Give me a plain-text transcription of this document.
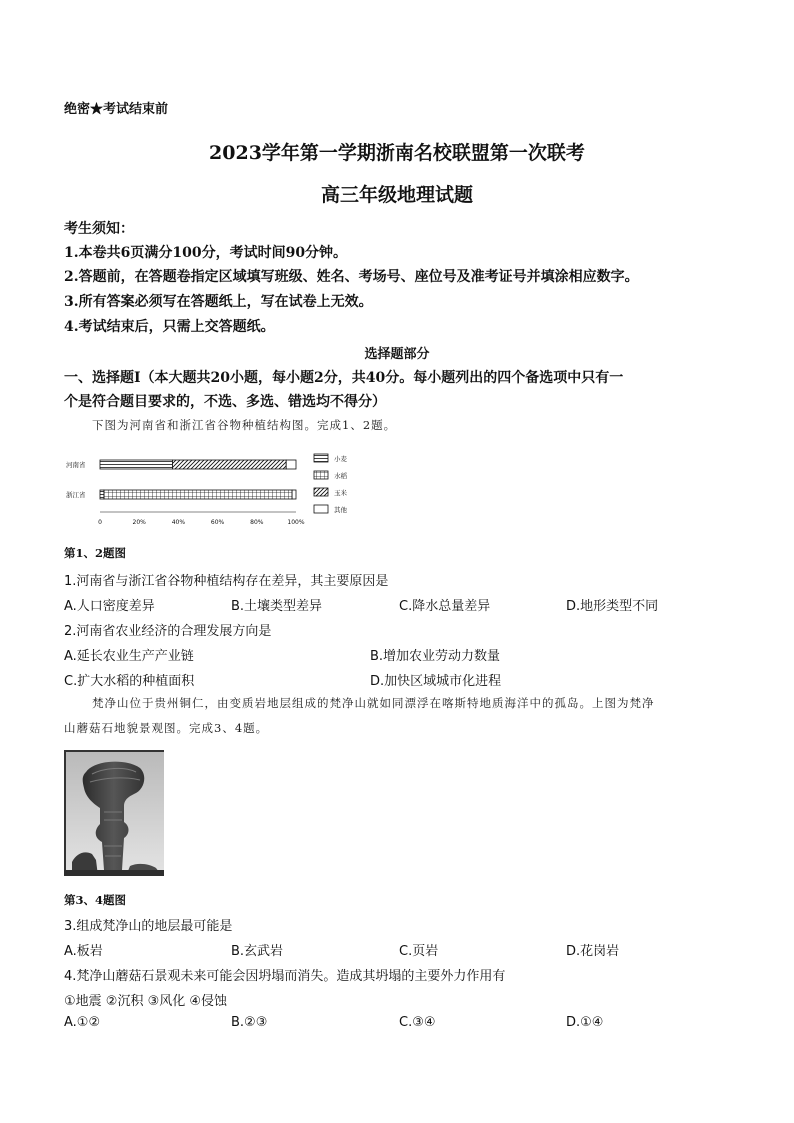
绝密★考试结束前
2023学年第一学期浙南名校联盟第一次联考
高三年级地理试题
考生须知：
1.本卷共6页满分100分，考试时间90分钟。
2.答题前，在答题卷指定区域填写班级、姓名、考场号、座位号及准考证号并填涂相应数字。
3.所有答案必须写在答题纸上，写在试卷上无效。
4.考试结束后，只需上交答题纸。
选择题部分
一、选择题Ⅰ（本大题共20小题，每小题2分，共40分。每小题列出的四个备选项中只有一
个是符合题目要求的，不选、多选、错选均不得分）
下图为河南省和浙江省谷物种植结构图。完成1、2题。
河南省
浙江省
0	20%	40%	60%	80%	100%
小麦
水稻
玉米
其他
第1、2题图
1.河南省与浙江省谷物种植结构存在差异，其主要原因是
A.人口密度差异	B.土壤类型差异	C.降水总量差异	D.地形类型不同
2.河南省农业经济的合理发展方向是
A.延长农业生产产业链	B.增加农业劳动力数量
C.扩大水稻的种植面积	D.加快区域城市化进程
梵净山位于贵州铜仁，由变质岩地层组成的梵净山就如同漂浮在喀斯特地质海洋中的孤岛。上图为梵净
山蘑菇石地貌景观图。完成3、4题。
第3、4题图
3.组成梵净山的地层最可能是
A.板岩	B.玄武岩	C.页岩	D.花岗岩
4.梵净山蘑菇石景观未来可能会因坍塌而消失。造成其坍塌的主要外力作用有
①地震 ②沉积 ③风化 ④侵蚀
A.①②	B.②③	C.③④	D.①④
